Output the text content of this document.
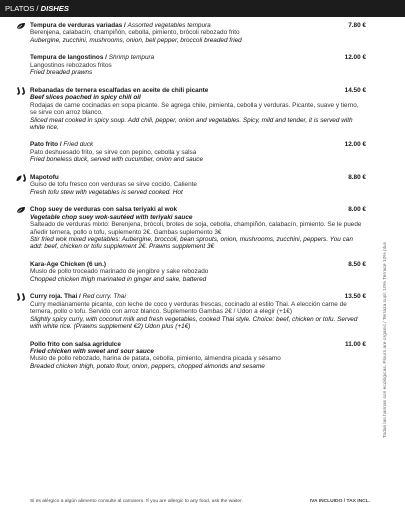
PLATOS / DISHES
Tempura de verduras variadas / Assorted vegetables tempura	7.80 €
Berenjena, calabacín, champiñón, cebolla, pimiento, brócoli rebozado frito
Aubergine, zucchini, mushrooms, onion, bell pepper, broccoli breaded fried
Tempura de langostinos / Shrimp tempura	12.00 €
Langostinos rebozados fritos
Fried breaded prawns
Rebanadas de ternera escalfadas en aceite de chili picante	14.50 €
Beef slices poached in spicy chili oil
Rodajas de carne cocinadas en sopa picante. Se agrega chile, pimienta, cebolla y verduras. Picante, suave y tierno, se sirve con arroz blanco.
Sliced meat cooked in spicy soup. Add chili, pepper, onion and vegetables. Spicy, mild and tender, it is served with white rice.
Pato frito / Fried duck	12.00 €
Pato deshuesado frito, se sirve con pepino, cebolla y salsa
Fried boneless duck, served with cucumber, onion and sauce
Mapotofu	8.80 €
Guiso de tofu fresco con verduras se sirve cocido. Caliente
Fresh tofu stew with vegetables is served cooked. Hot
Chop suey de verduras con salsa teriyaki al wok	8.00 €
Vegetable chop suey wok-sautéed with teriyaki sauce
Salteado de verduras mixto: Berenjena, brócoli, brotes de soja, cebolla, champiñón, calabacín, pimiento. Se le puede añedir ternera, pollo o tofu, suplemento 2€. Gambas suplemento 3€
Stir fried wok mixed vegetables: Aubergine, broccoli, bean sprouts, onion, mushrooms, zucchini, peppers. You can add: beef, chicken or tofu supplement 2€. Prawns supplement 3€
Kara-Age Chicken (6 un.)	8.50 €
Muslo de pollo troceado marinado de jengibre y sake rebozado
Chopped chicken thigh marinated in ginger and sake, battered
Curry roja. Thai / Red curry. Thai	13.50 €
Curry medianamente picante, con leche de coco y verduras frescas, cocinado al estilo Thai. A elección carne de ternera, pollo o tofu. Servido con arroz blanco. Suplemento Gambas 2€ / Udon a elegir (+1€)
Slightly spicy curry, with coconut milk and fresh vegetables, cooked Thai style. Choice: beef, chicken or tofu. Served with white rice. (Prawns supplement €2) Udon plus (+1€)
Pollo frito con salsa agridulce	11.00 €
Fried chicken with sweet and sour sauce
Muslo de pollo rebozado, harina de patata, cebolla, pimiento, almendra picada y sésamo
Breaded chicken thigh, potato flour, onion, peppers, chopped almonds and sesame
Si es alérgico a algún alimento consulte al camarero. If you are allergic to any food, ask the waiter.	IVA INCLUIDO / TAX INCL.
Todas las harinas son ecológicas. Flours are organic / Terraza supl. 10% Terrace 10% plus
